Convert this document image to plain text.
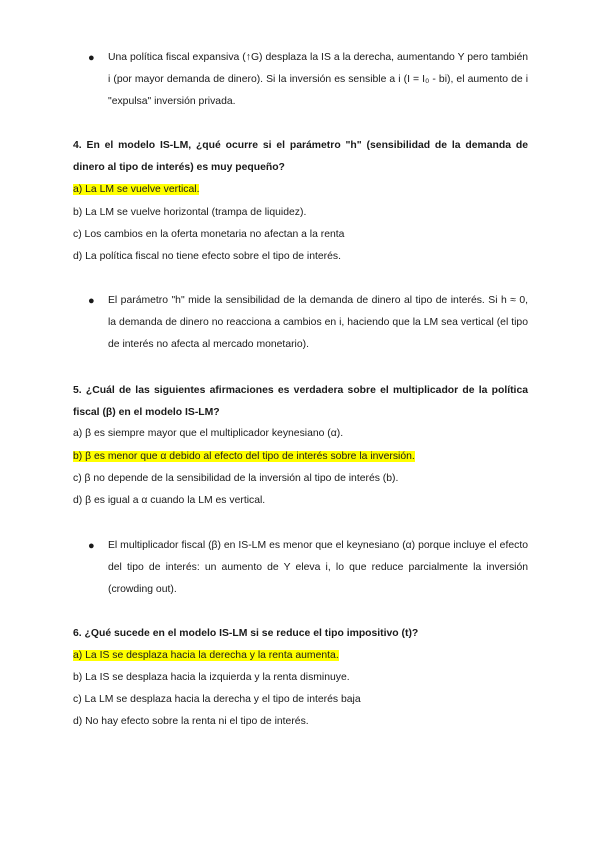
● Una política fiscal expansiva (↑G) desplaza la IS a la derecha, aumentando Y pero también i (por mayor demanda de dinero). Si la inversión es sensible a i (I = I₀ - bi), el aumento de i "expulsa" inversión privada.
4. En el modelo IS-LM, ¿qué ocurre si el parámetro "h" (sensibilidad de la demanda de dinero al tipo de interés) es muy pequeño?
a) La LM se vuelve vertical.
b) La LM se vuelve horizontal (trampa de liquidez).
c) Los cambios en la oferta monetaria no afectan a la renta
d) La política fiscal no tiene efecto sobre el tipo de interés.
● El parámetro "h" mide la sensibilidad de la demanda de dinero al tipo de interés. Si h ≈ 0, la demanda de dinero no reacciona a cambios en i, haciendo que la LM sea vertical (el tipo de interés no afecta al mercado monetario).
5. ¿Cuál de las siguientes afirmaciones es verdadera sobre el multiplicador de la política fiscal (β) en el modelo IS-LM?
a) β es siempre mayor que el multiplicador keynesiano (α).
b) β es menor que α debido al efecto del tipo de interés sobre la inversión.
c) β no depende de la sensibilidad de la inversión al tipo de interés (b).
d) β es igual a α cuando la LM es vertical.
● El multiplicador fiscal (β) en IS-LM es menor que el keynesiano (α) porque incluye el efecto del tipo de interés: un aumento de Y eleva i, lo que reduce parcialmente la inversión (crowding out).
6. ¿Qué sucede en el modelo IS-LM si se reduce el tipo impositivo (t)?
a) La IS se desplaza hacia la derecha y la renta aumenta.
b) La IS se desplaza hacia la izquierda y la renta disminuye.
c) La LM se desplaza hacia la derecha y el tipo de interés baja
d) No hay efecto sobre la renta ni el tipo de interés.
